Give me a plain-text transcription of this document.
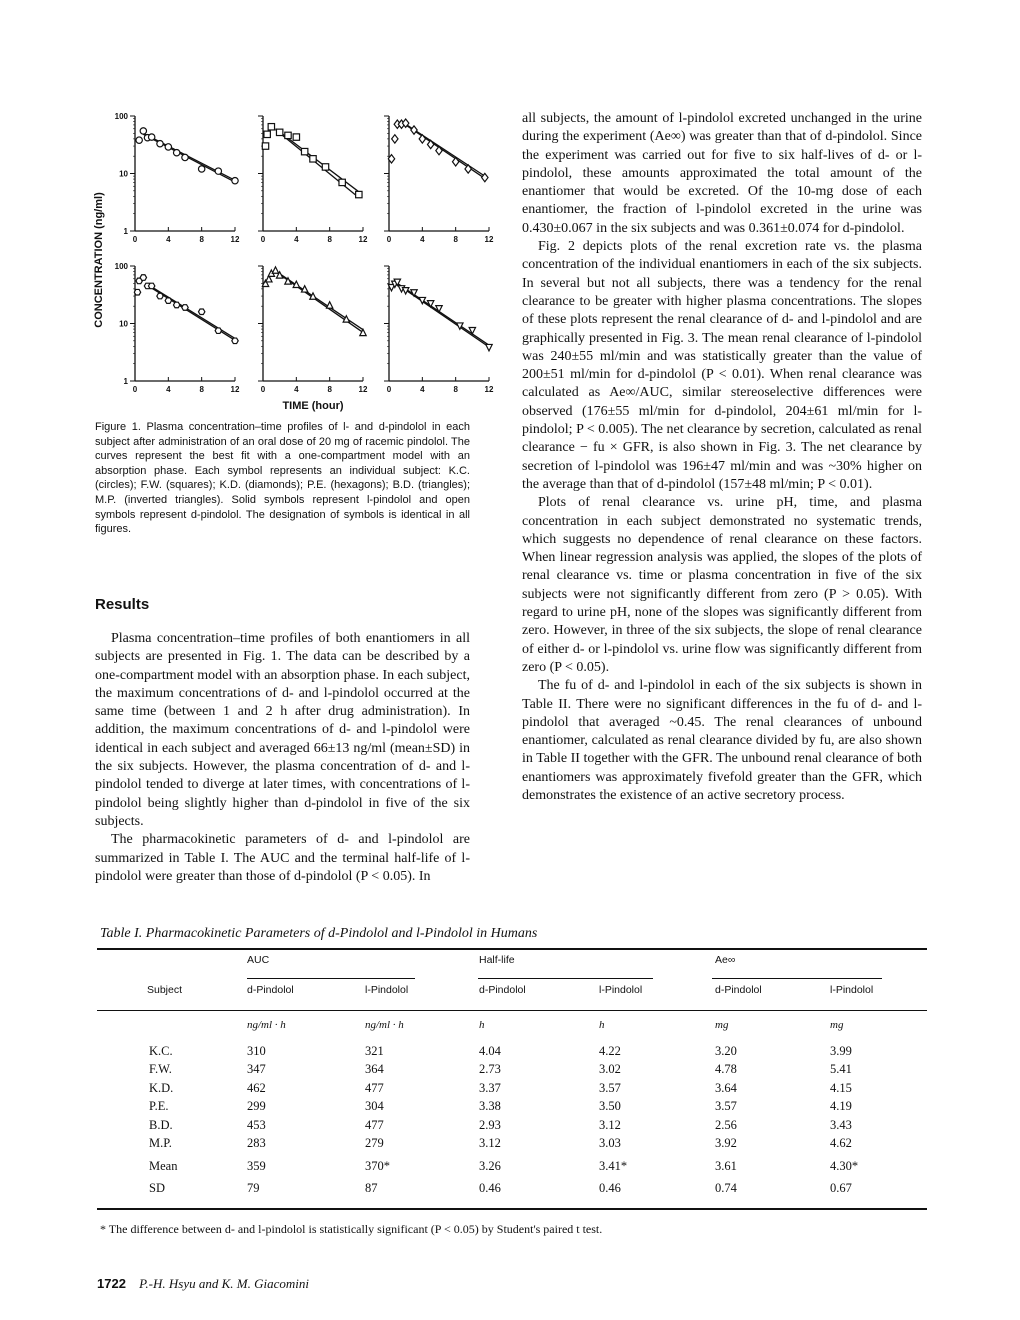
1
10
100
0	4	8	12	0	4	8	12 0	4	8	12
1
10
100
0	4	8	12	0	4	8	12 0	4	8	12
CONCENTRATION (ng/ml)
TIME (hour)
Figure 1. Plasma concentration–time profiles of l- and d-pindolol in each subject after administration of an oral dose of 20 mg of racemic pindolol. The curves represent the best fit with a one-compartment model with an absorption phase. Each symbol represents an individual subject: K.C. (circles); F.W. (squares); K.D. (diamonds); P.E. (hexagons); B.D. (triangles); M.P. (inverted triangles). Solid symbols represent l-pindolol and open symbols represent d-pindolol. The designation of symbols is identical in all figures.
Results

Plasma concentration–time profiles of both enantiomers in all subjects are presented in Fig. 1. The data can be described by a one-compartment model with an absorption phase. In each subject, the maximum concentrations of d- and l-pindolol occurred at the same time (between 1 and 2 h after drug administration). In addition, the maximum concentrations of d- and l-pindolol were identical in each subject and averaged 66±13 ng/ml (mean±SD) in the six subjects. However, the plasma concentration of d- and l-pindolol tended to diverge at later times, with concentrations of l-pindolol being slightly higher than d-pindolol in five of the six subjects.

The pharmacokinetic parameters of d- and l-pindolol are summarized in Table I. The AUC and the terminal half-life of l-pindolol were greater than those of d-pindolol (P < 0.05). In

all subjects, the amount of l-pindolol excreted unchanged in the urine during the experiment (Ae∞) was greater than that of d-pindolol. Since the experiment was carried out for five to six half-lives of d- or l-pindolol, these amounts approximated the total amount of the enantiomer that would be excreted. Of the 10-mg dose of each enantiomer, the fraction of l-pindolol excreted in the urine was 0.430±0.067 in the six subjects and was 0.361±0.074 for d-pindolol.

Fig. 2 depicts plots of the renal excretion rate vs. the plasma concentration of the individual enantiomers in each of the six subjects. In several but not all subjects, there was a tendency for the renal clearance to be greater with higher plasma concentrations. The slopes of these plots represent the renal clearance of d- and l-pindolol and are graphically presented in Fig. 3. The mean renal clearance of l-pindolol was 240±55 ml/min and was statistically greater than the value of 200±51 ml/min for d-pindolol (P < 0.01). When renal clearance was calculated as Ae∞/AUC, similar stereoselective differences were observed (176±55 ml/min for d-pindolol, 204±61 ml/min for l-pindolol; P < 0.005). The net clearance by secretion, calculated as renal clearance − fu × GFR, is also shown in Fig. 3. The net clearance by secretion of l-pindolol was 196±47 ml/min and was ~30% higher on the average than that of d-pindolol (157±48 ml/min; P < 0.01).

Plots of renal clearance vs. urine pH, time, and plasma concentration in each subject demonstrated no systematic trends, which suggests no dependence of renal clearance on these factors. When linear regression analysis was applied, the slopes of the plots of renal clearance vs. time or plasma concentration in five of the six subjects were not significantly different from zero (P > 0.05). With regard to urine pH, none of the slopes was significantly different from zero. However, in three of the six subjects, the slope of renal clearance of either d- or l-pindolol vs. urine flow was significantly different from zero (P < 0.05).

The fu of d- and l-pindolol in each of the six subjects is shown in Table II. There were no significant differences in the fu of d- and l-pindolol that averaged ~0.45. The renal clearances of unbound enantiomer, calculated as renal clearance divided by fu, are also shown in Table II together with the GFR. The unbound renal clearance of both enantiomers was approximately fivefold greater than the GFR, which demonstrates the existence of an active secretory process.

Table I. Pharmacokinetic Parameters of d-Pindolol and l-Pindolol in Humans
	AUC		Half-life		Ae∞	
Subject	d-Pindolol	l-Pindolol	d-Pindolol	l-Pindolol	d-Pindolol	l-Pindolol
	ng/ml · h	ng/ml · h	h	h	mg	mg
K.C.	310	321	4.04	4.22	3.20	3.99
F.W.	347	364	2.73	3.02	4.78	5.41
K.D.	462	477	3.37	3.57	3.64	4.15
P.E.	299	304	3.38	3.50	3.57	4.19
B.D.	453	477	2.93	3.12	2.56	3.43
M.P.	283	279	3.12	3.03	3.92	4.62
Mean	359	370*	3.26	3.41*	3.61	4.30*
SD	79	87	0.46	0.46	0.74	0.67
* The difference between d- and l-pindolol is statistically significant (P < 0.05) by Student's paired t test.
1722 P.-H. Hsyu and K. M. Giacomini
